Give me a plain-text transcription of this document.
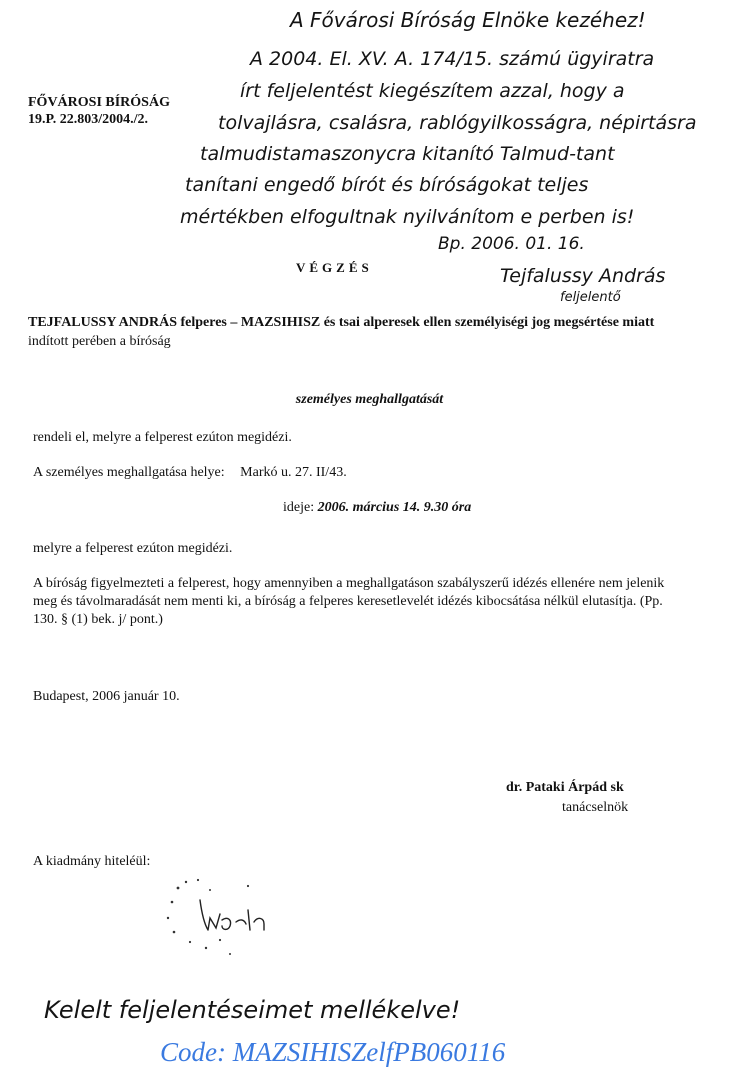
FŐVÁROSI BÍRÓSÁG
19.P. 22.803/2004./2.
A Fővárosi Bíróság Elnöke kezéhez!
A 2004. El. XV. A. 174/15. számú ügyiratra
írt feljelentést kiegészítem azzal, hogy a
tolvajlásra, csalásra, rablógyilkosságra, népirtásra
talmudistamaszonycra kitanító Talmud-tant
tanítani engedő bírót és bíróságokat teljes
mértékben elfogultnak nyilvánítom e perben is!
Bp. 2006. 01. 16.
Tejfalussy András
feljelentő
VÉGZÉS
TEJFALUSSY ANDRÁS felperes – MAZSIHISZ és tsai alperesek ellen személyiségi jog megsértése miatt indított perében a bíróság
személyes meghallgatását
rendeli el, melyre a felperest ezúton megidézi.
A személyes meghallgatása helye: Markó u. 27. II/43.
ideje: 2006. március 14. 9.30 óra
melyre a felperest ezúton megidézi.
A bíróság figyelmezteti a felperest, hogy amennyiben a meghallgatáson szabályszerű idézés ellenére nem jelenik meg és távolmaradását nem menti ki, a bíróság a felperes keresetlevelét idézés kibocsátása nélkül elutasítja. (Pp. 130. § (1) bek. j/ pont.)
Budapest, 2006 január 10.
dr. Pataki Árpád sk
tanácselnök
A kiadmány hiteléül:
Kelelt feljelentéseimet mellékelve!
Code: MAZSIHISZelfPB060116
